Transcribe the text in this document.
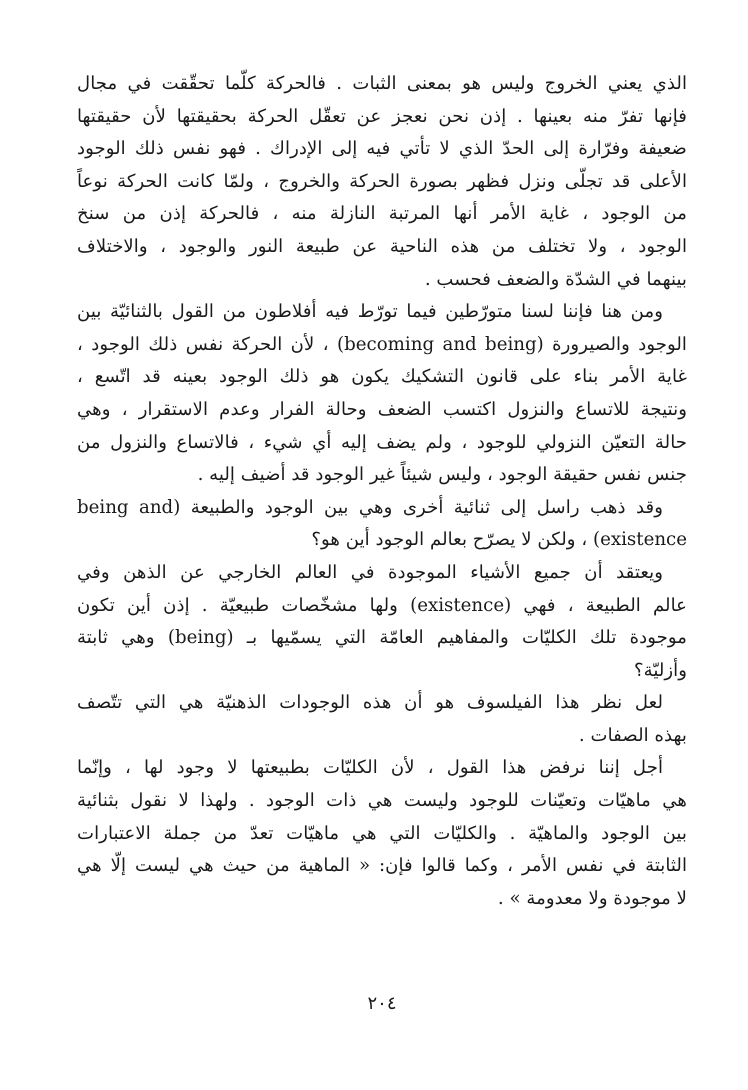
الذي يعني الخروج وليس هو بمعنى الثبات . فالحركة كلّما تحقّقت في مجال
فإنها تفرّ منه بعينها . إذن نحن نعجز عن تعقّل الحركة بحقيقتها لأن حقيقتها
ضعيفة وفرّارة إلى الحدّ الذي لا تأتي فيه إلى الإدراك . فهو نفس ذلك الوجود
الأعلى قد تجلّى ونزل فظهر بصورة الحركة والخروج ، ولمّا كانت الحركة نوعاً
من الوجود ، غاية الأمر أنها المرتبة النازلة منه ، فالحركة إذن من سنخ
الوجود ، ولا تختلف من هذه الناحية عن طبيعة النور والوجود ، والاختلاف
بينهما في الشدّة والضعف فحسب .

ومن هنا فإننا لسنا متورّطين فيما تورّط فيه أفلاطون من القول بالثنائيّة بين
الوجود والصيرورة (becoming and being) ، لأن الحركة نفس ذلك الوجود ،
غاية الأمر بناء على قانون التشكيك يكون هو ذلك الوجود بعينه قد اتّسع ،
ونتيجة للاتساع والنزول اكتسب الضعف وحالة الفرار وعدم الاستقرار ، وهي
حالة التعيّن النزولي للوجود ، ولم يضف إليه أي شيء ، فالاتساع والنزول من
جنس نفس حقيقة الوجود ، وليس شيئاً غير الوجود قد أضيف إليه .

وقد ذهب راسل إلى ثنائية أخرى وهي بين الوجود والطبيعة (being and
existence) ، ولكن لا يصرّح بعالم الوجود أين هو؟

ويعتقد أن جميع الأشياء الموجودة في العالم الخارجي عن الذهن وفي
عالم الطبيعة ، فهي (existence) ولها مشخّصات طبيعيّة . إذن أين تكون
موجودة تلك الكليّات والمفاهيم العامّة التي يسمّيها بـ (being) وهي ثابتة
وأزليّة؟

لعل نظر هذا الفيلسوف هو أن هذه الوجودات الذهنيّة هي التي تتّصف
بهذه الصفات .

أجل إننا نرفض هذا القول ، لأن الكليّات بطبيعتها لا وجود لها ، وإنّما
هي ماهيّات وتعيّنات للوجود وليست هي ذات الوجود . ولهذا لا نقول بثنائية
بين الوجود والماهيّة . والكليّات التي هي ماهيّات تعدّ من جملة الاعتبارات
الثابتة في نفس الأمر ، وكما قالوا فإن: « الماهية من حيث هي ليست إلّا هي
لا موجودة ولا معدومة » .

٢٠٤
